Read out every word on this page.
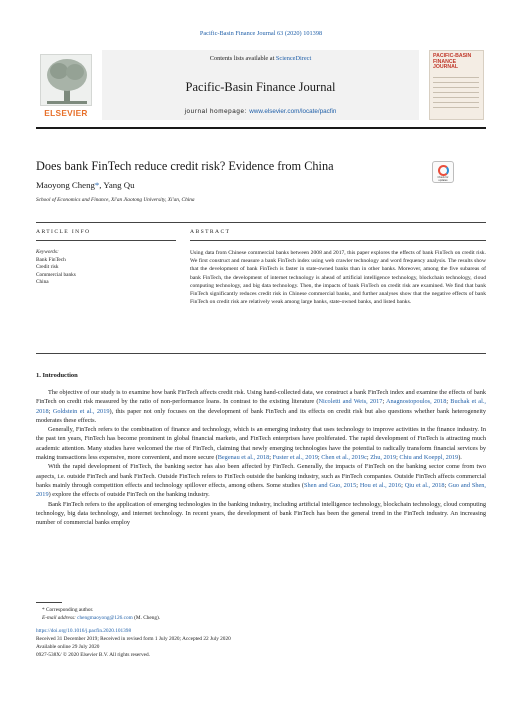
Pacific-Basin Finance Journal 63 (2020) 101398
ELSEVIER
Contents lists available at ScienceDirect
Pacific-Basin Finance Journal
journal homepage: www.elsevier.com/locate/pacfin
PACIFIC-BASIN FINANCE JOURNAL
Does bank FinTech reduce credit risk? Evidence from China
Check for updates
Maoyong Cheng*, Yang Qu
School of Economics and Finance, Xi'an Jiaotong University, Xi'an, China
ARTICLE INFO	ABSTRACT
Keywords:
Bank FinTech
Credit risk
Commercial banks
China
Using data from Chinese commercial banks between 2008 and 2017, this paper explores the effects of bank FinTech on credit risk. We first construct and measure a bank FinTech index using web crawler technology and word frequency analysis. The results show that the development of bank FinTech is faster in state-owned banks than in other banks. Moreover, among the five subareas of bank FinTech, the development of internet technology is ahead of artificial intelligence technology, blockchain technology, cloud computing technology, and big data technology. Then, the impacts of bank FinTech on credit risk are examined. We find that bank FinTech significantly reduces credit risk in Chinese commercial banks, and further analyses show that the negative effects of bank FinTech on credit risk are relatively weak among large banks, state-owned banks, and listed banks.
1. Introduction

The objective of our study is to examine how bank FinTech affects credit risk. Using hand-collected data, we construct a bank FinTech index and examine the effects of bank FinTech on credit risk measured by the ratio of non-performance loans. In contrast to the existing literature (Nicoletti and Weis, 2017; Anagnostopoulos, 2018; Buchak et al., 2018; Goldstein et al., 2019), this paper not only focuses on the development of bank FinTech and its effects on credit risk but also questions whether bank heterogeneity moderates these effects.

Generally, FinTech refers to the combination of finance and technology, which is an emerging industry that uses technology to improve activities in the finance industry. In the past ten years, FinTech has become prominent in global financial markets, and FinTech enterprises have proliferated. The rapid development of FinTech is attracting much academic attention. Many studies have welcomed the rise of FinTech, claiming that newly emerging technologies have the potential to radically transform financial services by making transactions less expensive, more convenient, and more secure (Begenau et al., 2018; Fuster et al., 2019; Chen et al., 2019c; Zhu, 2019; Chiu and Koeppl, 2019).

With the rapid development of FinTech, the banking sector has also been affected by FinTech. Generally, the impacts of FinTech on the banking sector come from two aspects, i.e. outside FinTech and bank FinTech. Outside FinTech refers to FinTech outside the banking industry, such as FinTech companies. Outside FinTech affects commercial banks mainly through competition effects and technology spillover effects, among others. Some studies (Shen and Guo, 2015; Hou et al., 2016; Qiu et al., 2018; Guo and Shen, 2019) explore the effects of outside FinTech on the banking industry.

Bank FinTech refers to the application of emerging technologies in the banking industry, including artificial intelligence technology, blockchain technology, cloud computing technology, big data technology, and internet technology. In recent years, the development of bank FinTech has been the general trend in the FinTech industry. An increasing number of commercial banks employ

* Corresponding author.
E-mail address: chengmaoyong@126.com (M. Cheng).
https://doi.org/10.1016/j.pacfin.2020.101398
Received 31 December 2019; Received in revised form 1 July 2020; Accepted 22 July 2020
Available online 29 July 2020
0927-538X/ © 2020 Elsevier B.V. All rights reserved.
